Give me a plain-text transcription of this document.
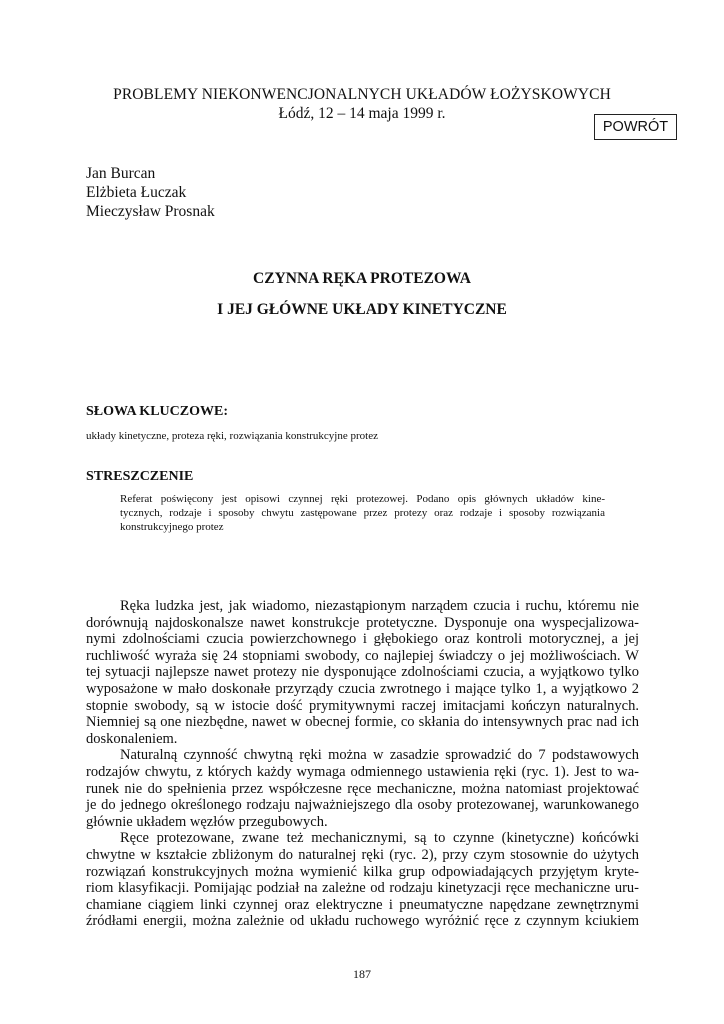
PROBLEMY NIEKONWENCJONALNYCH UKŁADÓW ŁOŻYSKOWYCH
Łódź, 12 – 14 maja 1999 r.
POWRÓT
Jan Burcan
Elżbieta Łuczak
Mieczysław Prosnak
CZYNNA RĘKA PROTEZOWA
I JEJ GŁÓWNE UKŁADY KINETYCZNE
SŁOWA KLUCZOWE:
układy kinetyczne, proteza ręki, rozwiązania konstrukcyjne protez
STRESZCZENIE
Referat poświęcony jest opisowi czynnej ręki protezowej. Podano opis głównych układów kine-
tycznych, rodzaje i sposoby chwytu zastępowane przez protezy oraz rodzaje i sposoby rozwiązania
konstrukcyjnego protez
Ręka ludzka jest, jak wiadomo, niezastąpionym narządem czucia i ruchu, któremu nie
dorównują najdoskonalsze nawet konstrukcje protetyczne. Dysponuje ona wyspecjalizowa-
nymi zdolnościami czucia powierzchownego i głębokiego oraz kontroli motorycznej, a jej
ruchliwość wyraża się 24 stopniami swobody, co najlepiej świadczy o jej możliwościach. W
tej sytuacji najlepsze nawet protezy nie dysponujące zdolnościami czucia, a wyjątkowo tylko
wyposażone w mało doskonałe przyrządy czucia zwrotnego i mające tylko 1, a wyjątkowo 2
stopnie swobody, są w istocie dość prymitywnymi raczej imitacjami kończyn naturalnych.
Niemniej są one niezbędne, nawet w obecnej formie, co skłania do intensywnych prac nad ich
doskonaleniem.
Naturalną czynność chwytną ręki można w zasadzie sprowadzić do 7 podstawowych
rodzajów chwytu, z których każdy wymaga odmiennego ustawienia ręki (ryc. 1). Jest to wa-
runek nie do spełnienia przez współczesne ręce mechaniczne, można natomiast projektować
je do jednego określonego rodzaju najważniejszego dla osoby protezowanej, warunkowanego
głównie układem węzłów przegubowych.
Ręce protezowane, zwane też mechanicznymi, są to czynne (kinetyczne) końcówki
chwytne w kształcie zbliżonym do naturalnej ręki (ryc. 2), przy czym stosownie do użytych
rozwiązań konstrukcyjnych można wymienić kilka grup odpowiadających przyjętym kryte-
riom klasyfikacji. Pomijając podział na zależne od rodzaju kinetyzacji ręce mechaniczne uru-
chamiane ciągiem linki czynnej oraz elektryczne i pneumatyczne napędzane zewnętrznymi
źródłami energii, można zależnie od układu ruchowego wyróżnić ręce z czynnym kciukiem
187
